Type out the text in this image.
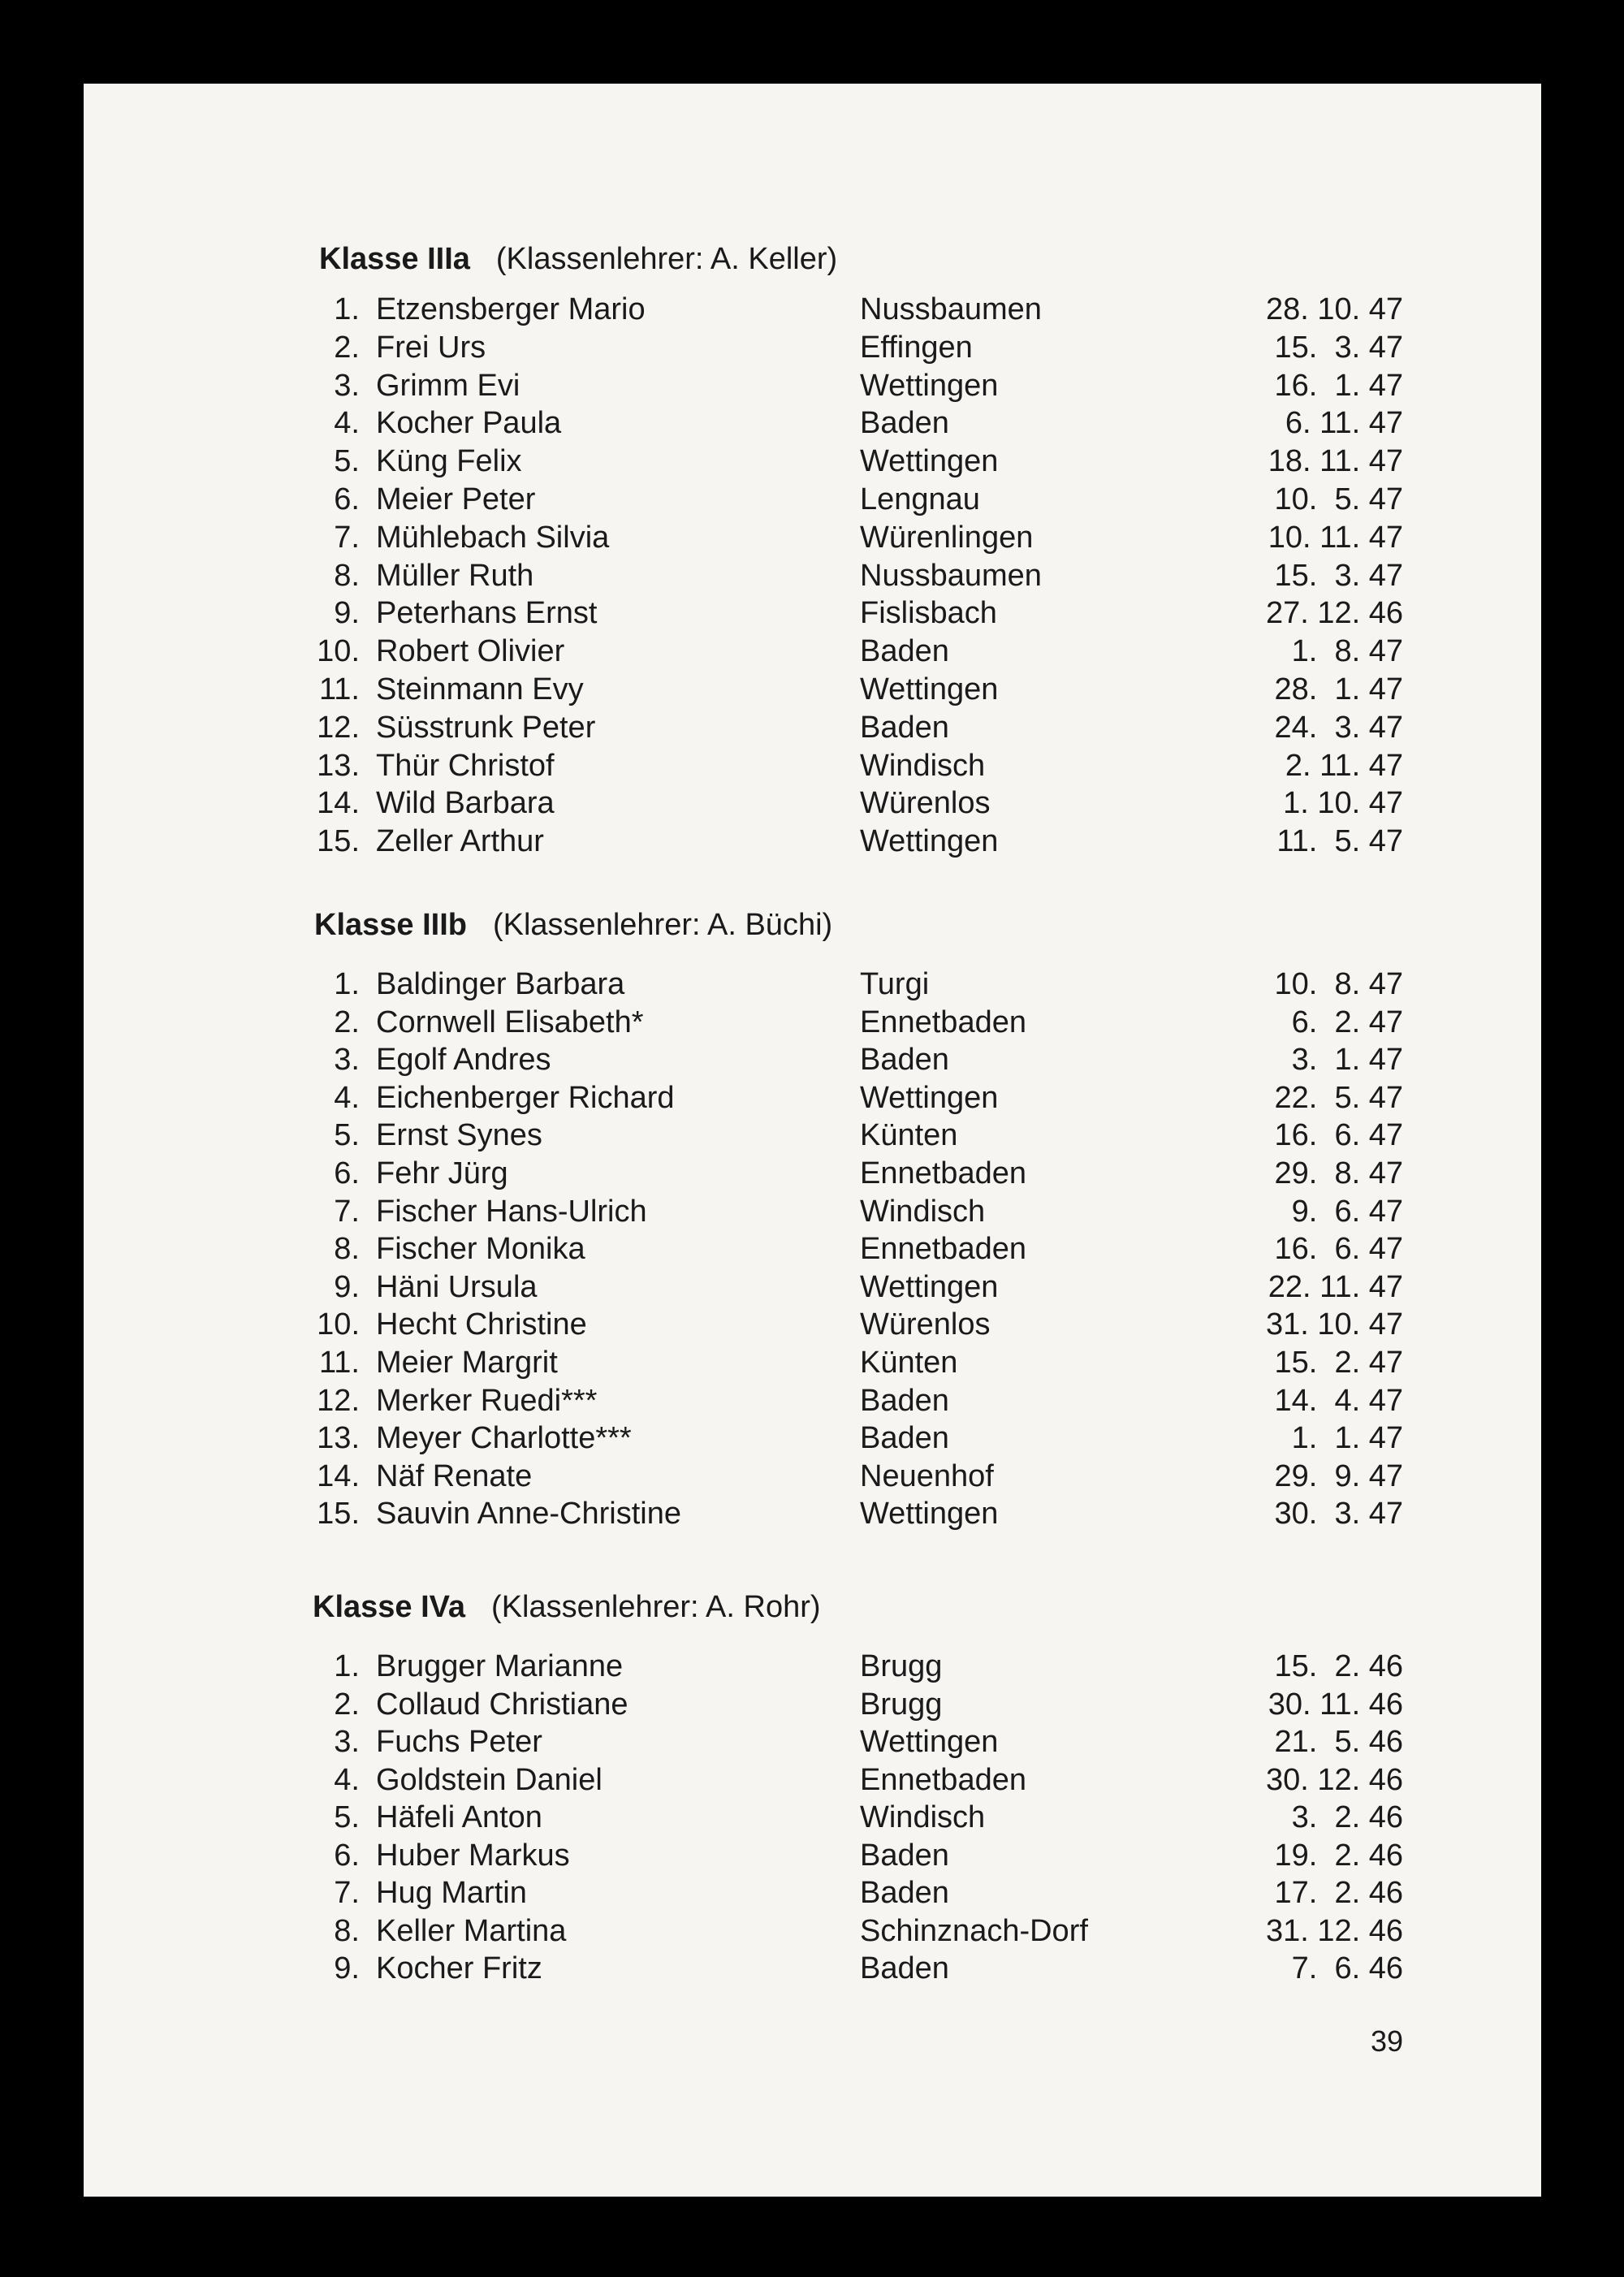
Klasse IIIa (Klassenlehrer: A. Keller)
1. Etzensberger Mario	Nussbaumen	28. 10. 47
2. Frei Urs	Effingen	15.  3. 47
3. Grimm Evi	Wettingen	16.  1. 47
4. Kocher Paula	Baden	6. 11. 47
5. Küng Felix	Wettingen	18. 11. 47
6. Meier Peter	Lengnau	10.  5. 47
7. Mühlebach Silvia	Würenlingen	10. 11. 47
8. Müller Ruth	Nussbaumen	15.  3. 47
9. Peterhans Ernst	Fislisbach	27. 12. 46
10. Robert Olivier	Baden	1.  8. 47
11. Steinmann Evy	Wettingen	28.  1. 47
12. Süsstrunk Peter	Baden	24.  3. 47
13. Thür Christof	Windisch	2. 11. 47
14. Wild Barbara	Würenlos	1. 10. 47
15. Zeller Arthur	Wettingen	11.  5. 47
Klasse IIIb (Klassenlehrer: A. Büchi)
1. Baldinger Barbara	Turgi	10.  8. 47
2. Cornwell Elisabeth*	Ennetbaden	6.  2. 47
3. Egolf Andres	Baden	3.  1. 47
4. Eichenberger Richard	Wettingen	22.  5. 47
5. Ernst Synes	Künten	16.  6. 47
6. Fehr Jürg	Ennetbaden	29.  8. 47
7. Fischer Hans-Ulrich	Windisch	9.  6. 47
8. Fischer Monika	Ennetbaden	16.  6. 47
9. Häni Ursula	Wettingen	22. 11. 47
10. Hecht Christine	Würenlos	31. 10. 47
11. Meier Margrit	Künten	15.  2. 47
12. Merker Ruedi***	Baden	14.  4. 47
13. Meyer Charlotte***	Baden	1.  1. 47
14. Näf Renate	Neuenhof	29.  9. 47
15. Sauvin Anne-Christine	Wettingen	30.  3. 47
Klasse IVa (Klassenlehrer: A. Rohr)
1. Brugger Marianne	Brugg	15.  2. 46
2. Collaud Christiane	Brugg	30. 11. 46
3. Fuchs Peter	Wettingen	21.  5. 46
4. Goldstein Daniel	Ennetbaden	30. 12. 46
5. Häfeli Anton	Windisch	3.  2. 46
6. Huber Markus	Baden	19.  2. 46
7. Hug Martin	Baden	17.  2. 46
8. Keller Martina	Schinznach-Dorf	31. 12. 46
9. Kocher Fritz	Baden	7.  6. 46
39
